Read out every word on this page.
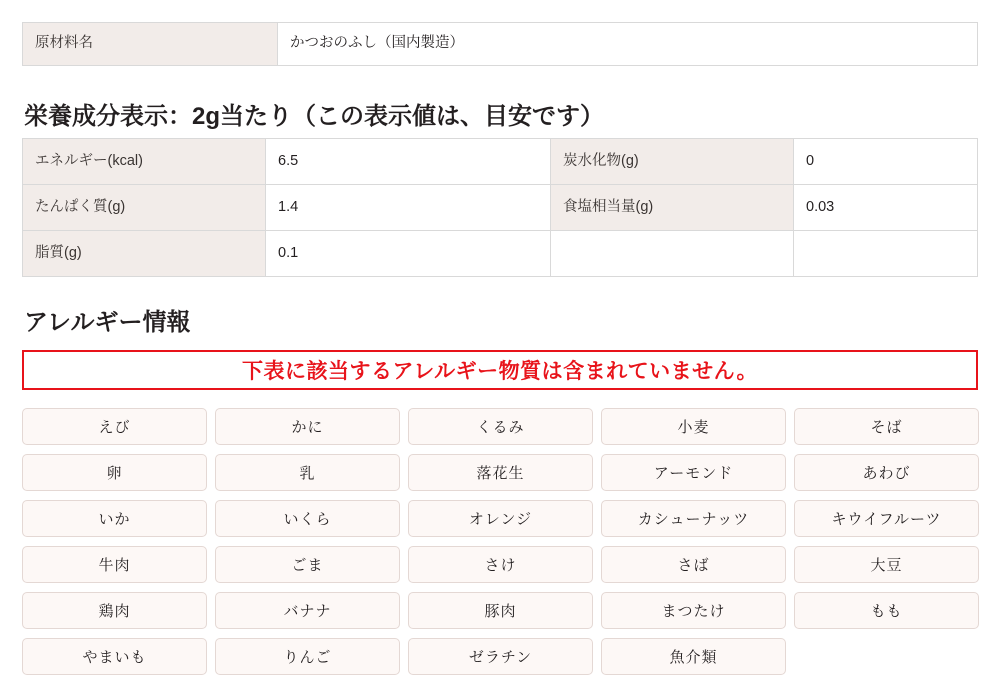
原材料名	かつおのふし（国内製造）
栄養成分表示：2g当たり（この表示値は、目安です）
エネルギー(kcal)	6.5	炭水化物(g)	0
たんぱく質(g)	1.4	食塩相当量(g)	0.03
脂質(g)	0.1		
アレルギー情報
下表に該当するアレルギー物質は含まれていません。
えび	かに	くるみ	小麦	そば
卵	乳	落花生	アーモンド	あわび
いか	いくら	オレンジ	カシューナッツ	キウイフルーツ
牛肉	ごま	さけ	さば	大豆
鶏肉	バナナ	豚肉	まつたけ	もも
やまいも	りんご	ゼラチン	魚介類
